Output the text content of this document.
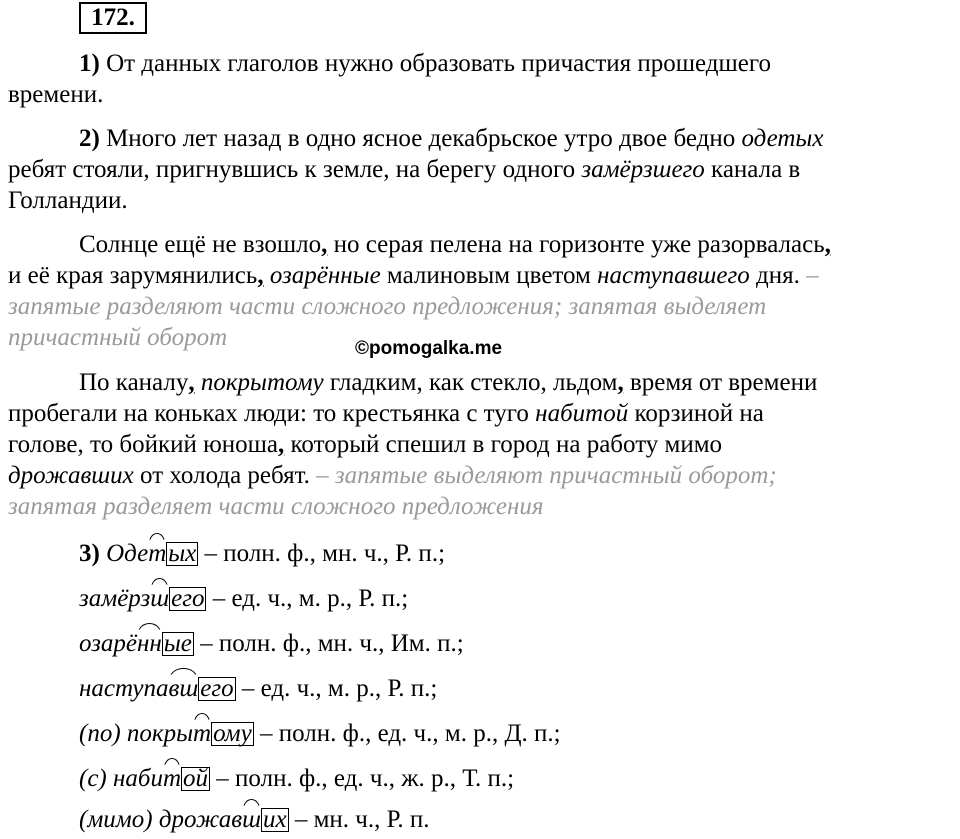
172.
1) От данных глаголов нужно образовать причастия прошедшего
времени.
2) Много лет назад в одно ясное декабрьское утро двое бедно одетых
ребят стояли, пригнувшись к земле, на берегу одного замёрзшего канала в
Голландии.
Солнце ещё не взошло, но серая пелена на горизонте уже разорвалась,
и её края зарумянились, озарённые малиновым цветом наступавшего дня. –
запятые разделяют части сложного предложения; запятая выделяет
причастный оборот	©pomogalka.me
По каналу, покрытому гладким, как стекло, льдом, время от времени
пробегали на коньках люди: то крестьянка с туго набитой корзиной на
голове, то бойкий юноша, который спешил в город на работу мимо
дрожавших от холода ребят. – запятые выделяют причастный оборот;
запятая разделяет части сложного предложения
3) Одетых – полн. ф., мн. ч., Р. п.;
замёрзшего – ед. ч., м. р., Р. п.;
озарённые – полн. ф., мн. ч., Им. п.;
наступавшего – ед. ч., м. р., Р. п.;
(по) покрытому – полн. ф., ед. ч., м. р., Д. п.;
(с) набитой – полн. ф., ед. ч., ж. р., Т. п.;
(мимо) дрожавших – мн. ч., Р. п.
